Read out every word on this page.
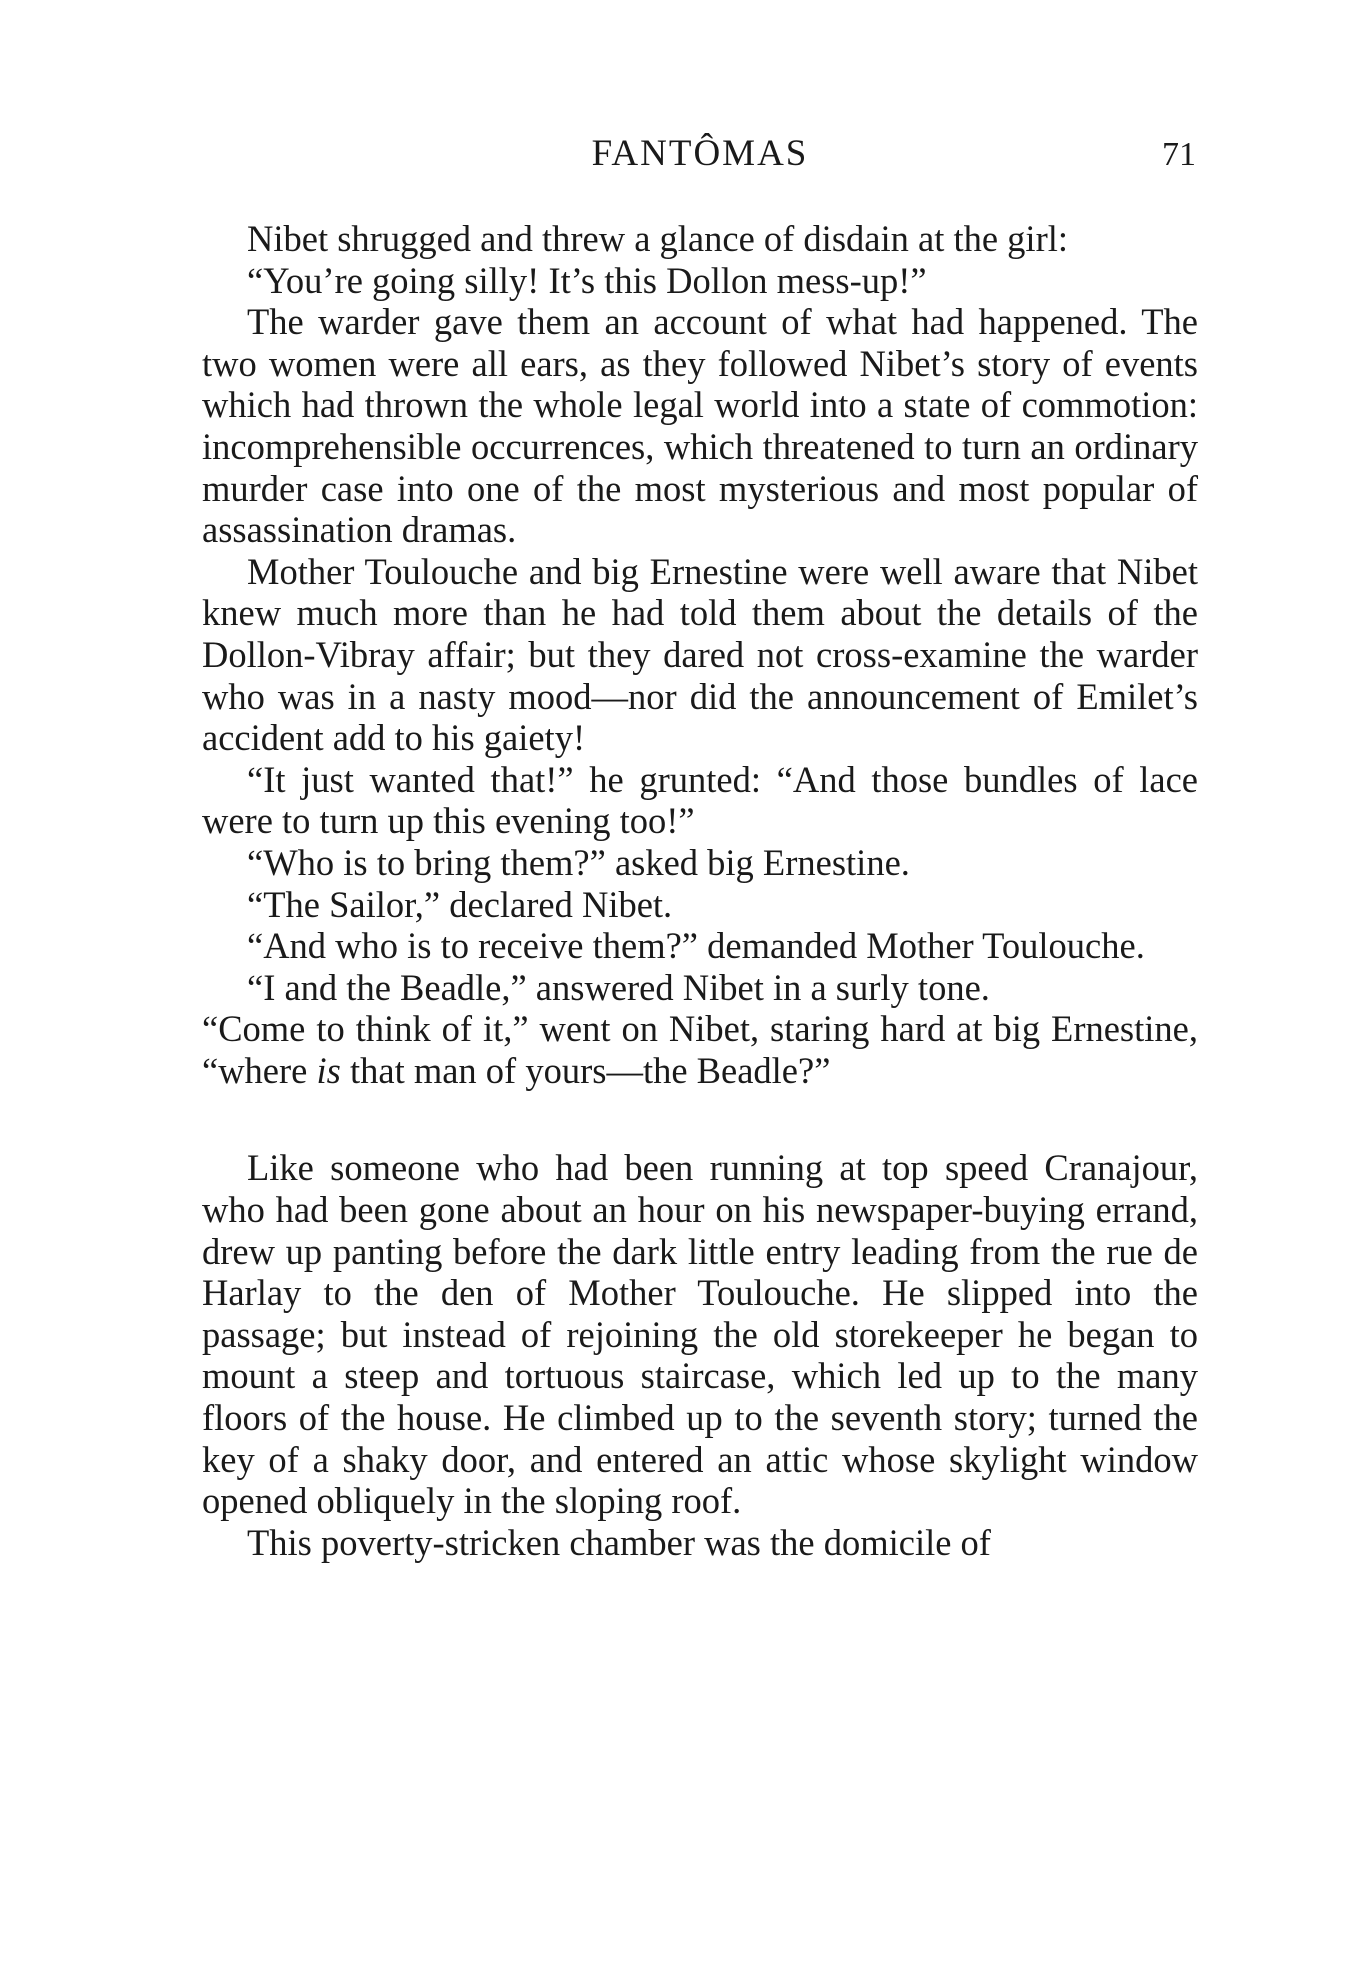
FANTÔMAS	71

Nibet shrugged and threw a glance of disdain at the girl:

“You’re going silly! It’s this Dollon mess-up!”

The warder gave them an account of what had happened. The two women were all ears, as they followed Nibet’s story of events which had thrown the whole legal world into a state of commotion: incomprehensible occurrences, which threatened to turn an ordinary murder case into one of the most mysterious and most popular of assassination dramas.

Mother Toulouche and big Ernestine were well aware that Nibet knew much more than he had told them about the details of the Dollon-Vibray affair; but they dared not cross-examine the warder who was in a nasty mood—nor did the announcement of Emilet’s accident add to his gaiety!

“It just wanted that!” he grunted: “And those bundles of lace were to turn up this evening too!”

“Who is to bring them?” asked big Ernestine.

“The Sailor,” declared Nibet.

“And who is to receive them?” demanded Mother Toulouche.

“I and the Beadle,” answered Nibet in a surly tone.

“Come to think of it,” went on Nibet, staring hard at big Ernestine, “where is that man of yours—the Beadle?”

Like someone who had been running at top speed Cranajour, who had been gone about an hour on his newspaper-buying errand, drew up panting before the dark little entry leading from the rue de Harlay to the den of Mother Toulouche. He slipped into the passage; but instead of rejoining the old storekeeper he began to mount a steep and tortuous staircase, which led up to the many floors of the house. He climbed up to the seventh story; turned the key of a shaky door, and entered an attic whose skylight window opened obliquely in the sloping roof.

This poverty-stricken chamber was the domicile of
